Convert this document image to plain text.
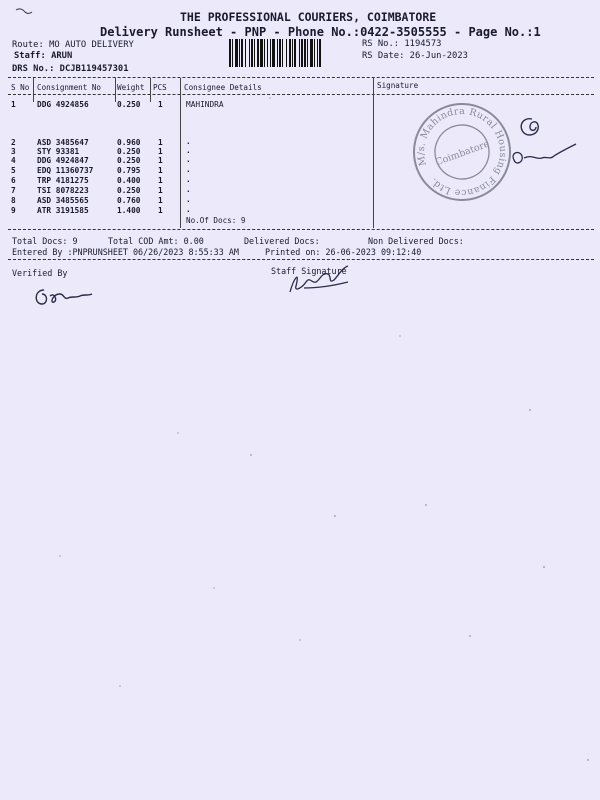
THE PROFESSIONAL COURIERS, COIMBATORE
Delivery Runsheet - PNP - Phone No.:0422-3505555 - Page No.:1
Route: MO AUTO DELIVERY
Staff: ARUN
DRS No.: DCJB119457301
RS No.: 1194573
RS Date: 26-Jun-2023
S No Consignment No Weight PCS Consignee Details	Signature
1	DDG 4924856	0.250 1	MAHINDRA
2	ASD 3485647	0.960 1	.
3	STY 93381	0.250 1	.
4	DDG 4924847	0.250 1	.
5	EDQ 11360737	0.795 1	.
6	TRP 4181275	0.400 1	.
7	TSI 8078223	0.250 1	.
8	ASD 3485565	0.760 1	.
9	ATR 3191585	1.400 1	.
No.Of Docs: 9
M/s. Mahindra Rural Housing Finance Ltd.
Coimbatore
Total Docs: 9	Total COD Amt: 0.00	Delivered Docs:	Non Delivered Docs:
Entered By :PNPRUNSHEET 06/26/2023 8:55:33 AM	Printed on: 26-06-2023 09:12:40
Verified By	Staff Signature
